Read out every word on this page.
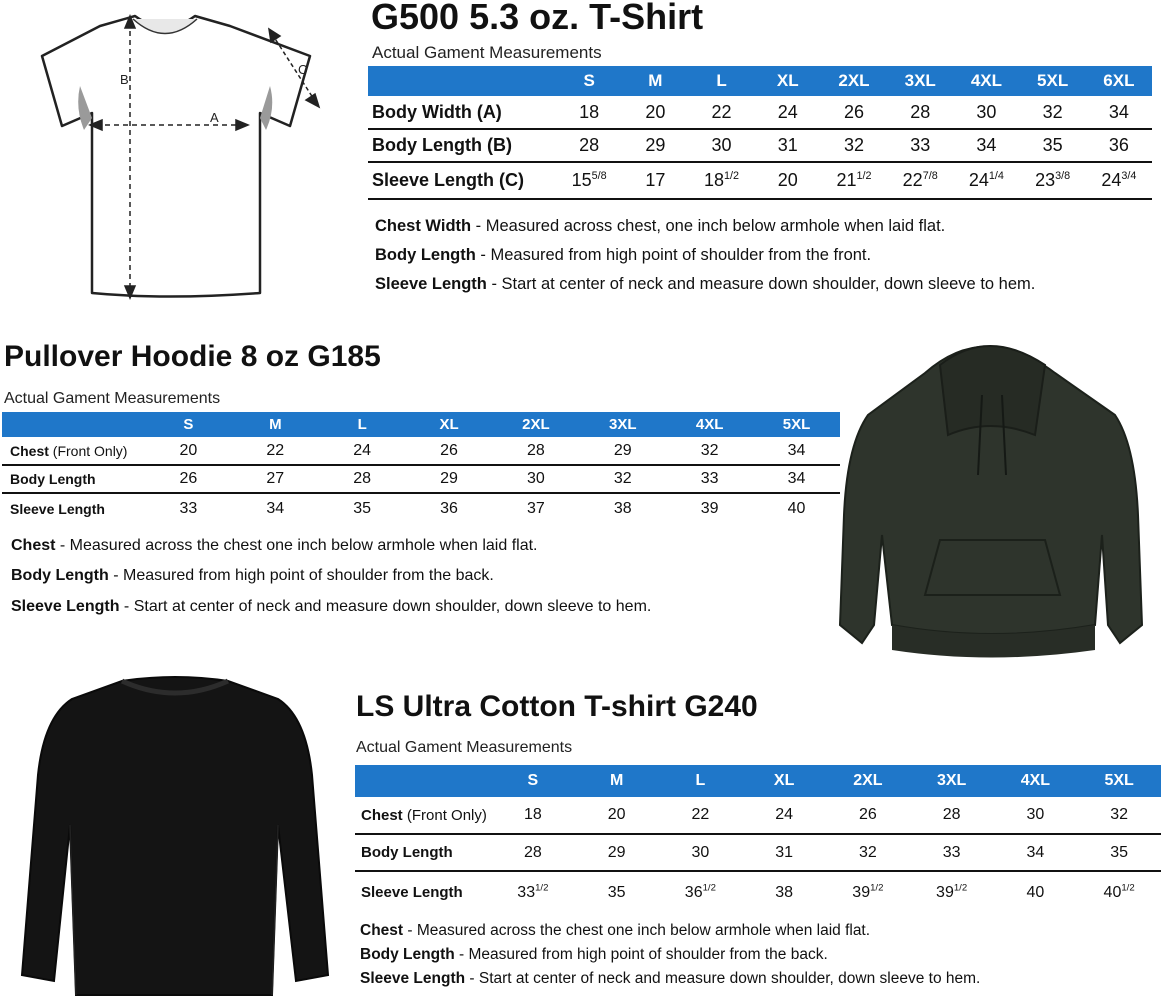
B
A
C
G500 5.3 oz. T-Shirt
Actual Gament Measurements
	S	M	L	XL	2XL	3XL	4XL	5XL	6XL
Body Width (A)	18	20	22	24	26	28	30	32	34
Body Length (B)	28	29	30	31	32	33	34	35	36
Sleeve Length (C)	$15^{5/8}$	17	$18^{1/2}$	20	$21^{1/2}$	$22^{7/8}$	$24^{1/4}$	$23^{3/8}$	$24^{3/4}$
Chest Width - Measured across chest, one inch below armhole when laid flat.
Body Length - Measured from high point of shoulder from the front.
Sleeve Length - Start at center of neck and measure down shoulder, down sleeve to hem.
Pullover Hoodie 8 oz G185
Actual Gament Measurements
	S	M	L	XL	2XL	3XL	4XL	5XL
Chest (Front Only)	20	22	24	26	28	29	32	34
Body Length	26	27	28	29	30	32	33	34
Sleeve Length	33	34	35	36	37	38	39	40
Chest - Measured across the chest one inch below armhole when laid flat.
Body Length - Measured from high point of shoulder from the back.
Sleeve Length - Start at center of neck and measure down shoulder, down sleeve to hem.
LS Ultra Cotton T-shirt G240
Actual Gament Measurements
	S	M	L	XL	2XL	3XL	4XL	5XL
Chest (Front Only)	18	20	22	24	26	28	30	32
Body Length	28	29	30	31	32	33	34	35
Sleeve Length	$33^{1/2}$	35	$36^{1/2}$	38	$39^{1/2}$	$39^{1/2}$	40	$40^{1/2}$
Chest - Measured across the chest one inch below armhole when laid flat.
Body Length - Measured from high point of shoulder from the back.
Sleeve Length - Start at center of neck and measure down shoulder, down sleeve to hem.
